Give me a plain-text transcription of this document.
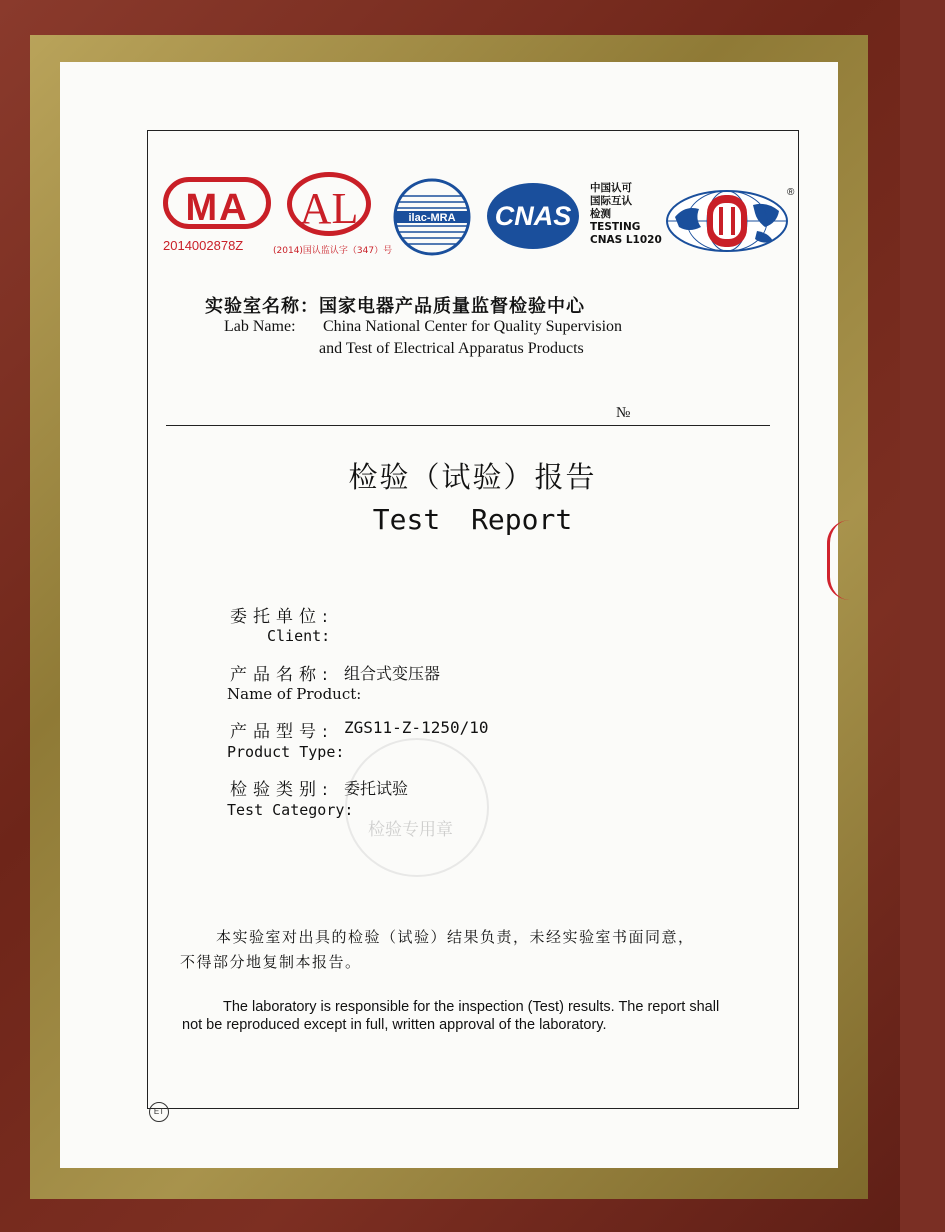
MA
2014002878Z
AL
(2014)国认监认字（347）号
ilac-MRA CNAS
中国认可
国际互认
检测
TESTING
CNAS L1020
®
实验室名称：国家电器产品质量监督检验中心
Lab Name: China National Center for Quality Supervision
and Test of Electrical Apparatus Products
№
检验（试验）报告
Test Report
检验专用章
委托单位:
Client:
产品名称:
Name of Product:
组合式变压器
产品型号:
Product Type:
ZGS11-Z-1250/10
检验类别:
Test Category:
委托试验
本实验室对出具的检验（试验）结果负责，未经实验室书面同意，
不得部分地复制本报告。
The laboratory is responsible for the inspection (Test) results. The report shall
not be reproduced except in full, written approval of the laboratory.
ET
